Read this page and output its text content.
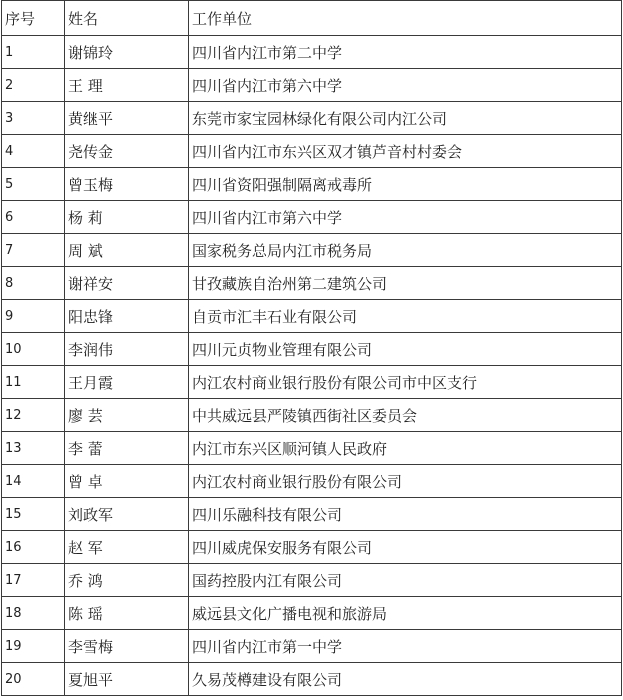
序号	姓名	工作单位
1	谢锦玲	四川省内江市第二中学
2	王 理	四川省内江市第六中学
3	黄继平	东莞市家宝园林绿化有限公司内江公司
4	尧传金	四川省内江市东兴区双才镇芦音村村委会
5	曾玉梅	四川省资阳强制隔离戒毒所
6	杨 莉	四川省内江市第六中学
7	周 斌	国家税务总局内江市税务局
8	谢祥安	甘孜藏族自治州第二建筑公司
9	阳忠锋	自贡市汇丰石业有限公司
10	李润伟	四川元贞物业管理有限公司
11	王月霞	内江农村商业银行股份有限公司市中区支行
12	廖 芸	中共威远县严陵镇西街社区委员会
13	李 蕾	内江市东兴区顺河镇人民政府
14	曾 卓	内江农村商业银行股份有限公司
15	刘政军	四川乐融科技有限公司
16	赵 军	四川威虎保安服务有限公司
17	乔 鸿	国药控股内江有限公司
18	陈 瑶	威远县文化广播电视和旅游局
19	李雪梅	四川省内江市第一中学
20	夏旭平	久易茂樽建设有限公司
